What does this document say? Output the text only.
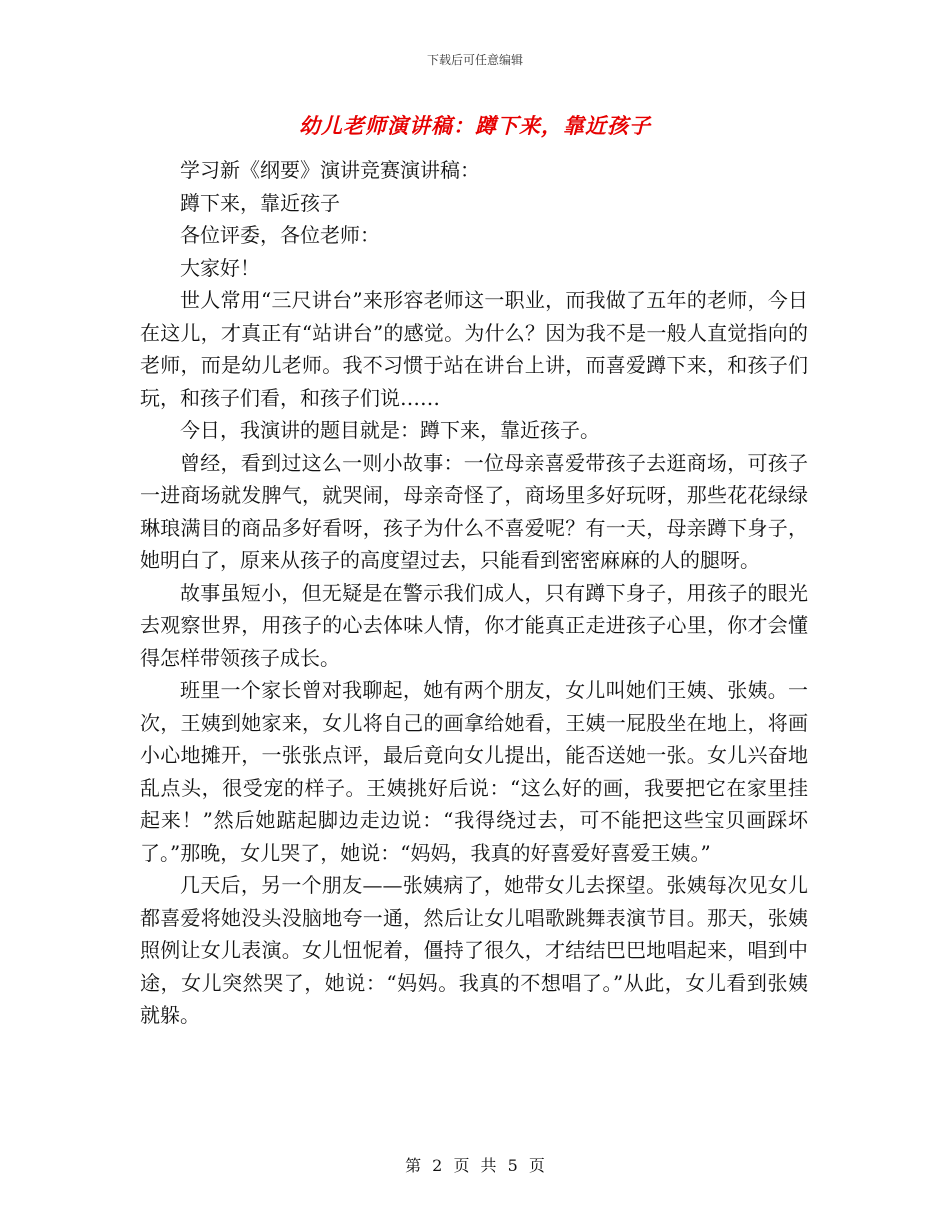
下载后可任意编辑
幼儿老师演讲稿：蹲下来，靠近孩子

学习新《纲要》演讲竞赛演讲稿：

蹲下来，靠近孩子

各位评委，各位老师：

大家好！

世人常用“三尺讲台”来形容老师这一职业，而我做了五年的老师，今日在这儿，才真正有“站讲台”的感觉。为什么？因为我不是一般人直觉指向的老师，而是幼儿老师。我不习惯于站在讲台上讲，而喜爱蹲下来，和孩子们玩，和孩子们看，和孩子们说……

今日，我演讲的题目就是：蹲下来，靠近孩子。

曾经，看到过这么一则小故事：一位母亲喜爱带孩子去逛商场，可孩子一进商场就发脾气，就哭闹，母亲奇怪了，商场里多好玩呀，那些花花绿绿琳琅满目的商品多好看呀，孩子为什么不喜爱呢？有一天，母亲蹲下身子，她明白了，原来从孩子的高度望过去，只能看到密密麻麻的人的腿呀。

故事虽短小，但无疑是在警示我们成人，只有蹲下身子，用孩子的眼光去观察世界，用孩子的心去体味人情，你才能真正走进孩子心里，你才会懂得怎样带领孩子成长。

班里一个家长曾对我聊起，她有两个朋友，女儿叫她们王姨、张姨。一次，王姨到她家来，女儿将自己的画拿给她看，王姨一屁股坐在地上，将画小心地摊开，一张张点评，最后竟向女儿提出，能否送她一张。女儿兴奋地乱点头，很受宠的样子。王姨挑好后说：“这么好的画，我要把它在家里挂起来！”然后她踮起脚边走边说：“我得绕过去，可不能把这些宝贝画踩坏了。”那晚，女儿哭了，她说：“妈妈，我真的好喜爱好喜爱王姨。”

几天后，另一个朋友——张姨病了，她带女儿去探望。张姨每次见女儿都喜爱将她没头没脑地夸一通，然后让女儿唱歌跳舞表演节目。那天，张姨照例让女儿表演。女儿忸怩着，僵持了很久，才结结巴巴地唱起来，唱到中途，女儿突然哭了，她说：“妈妈。我真的不想唱了。”从此，女儿看到张姨就躲。

第 2 页 共 5 页
